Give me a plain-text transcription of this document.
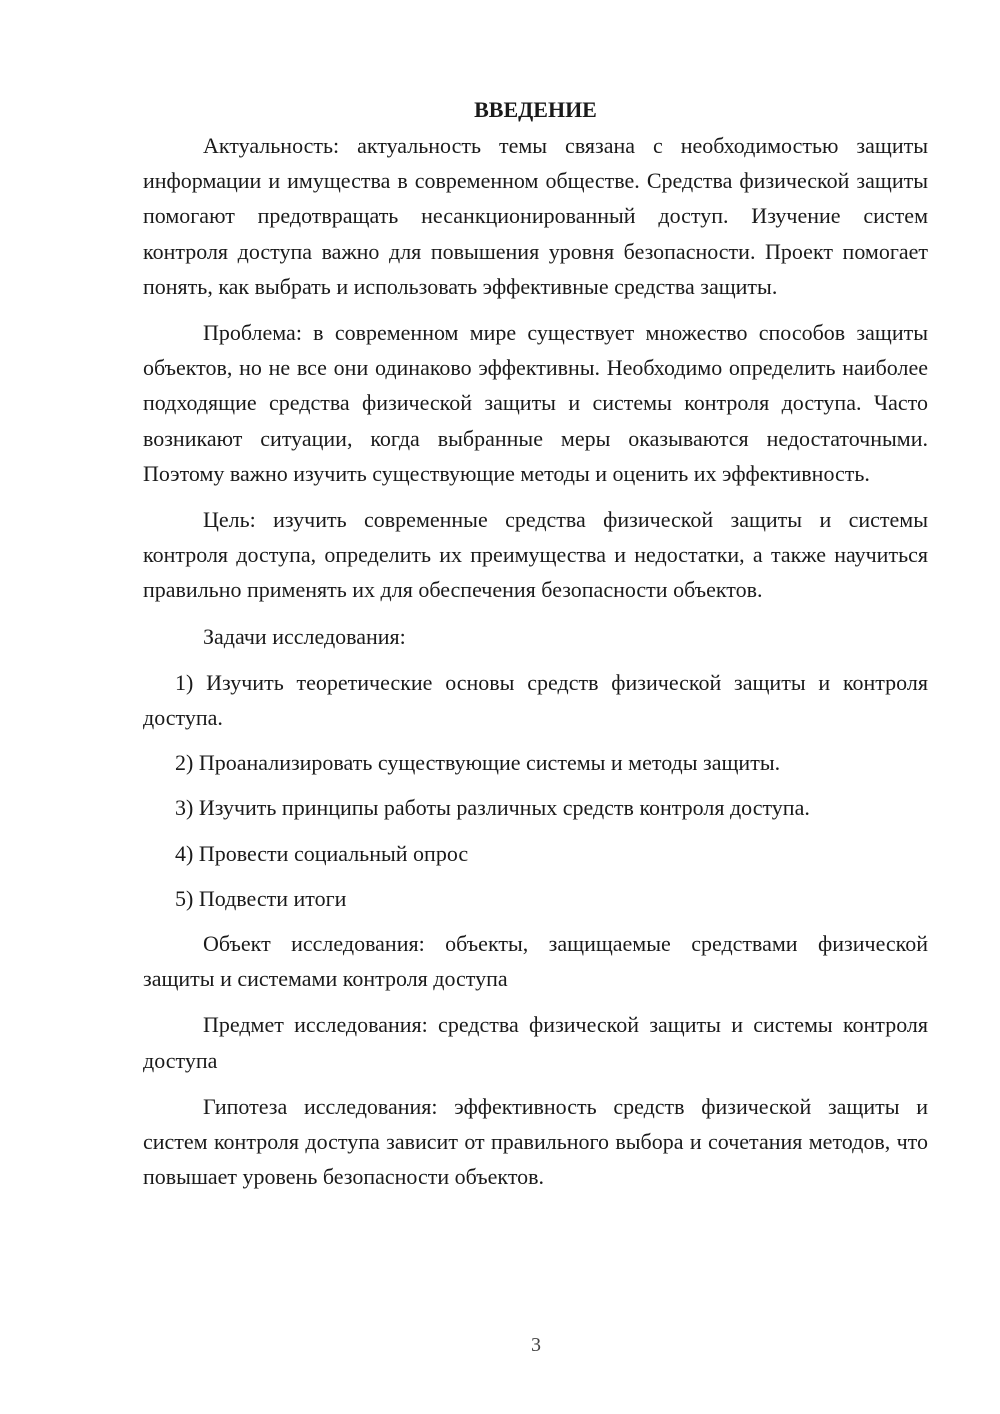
ВВЕДЕНИЕ

Актуальность: актуальность темы связана с необходимостью защиты информации и имущества в современном обществе. Средства физической защиты помогают предотвращать несанкционированный доступ. Изучение систем контроля доступа важно для повышения уровня безопасности. Проект помогает понять, как выбрать и использовать эффективные средства защиты.

Проблема: в современном мире существует множество способов защиты объектов, но не все они одинаково эффективны. Необходимо определить наиболее подходящие средства физической защиты и системы контроля доступа. Часто возникают ситуации, когда выбранные меры оказываются недостаточными. Поэтому важно изучить существующие методы и оценить их эффективность.

Цель: изучить современные средства физической защиты и системы контроля доступа, определить их преимущества и недостатки, а также научиться правильно применять их для обеспечения безопасности объектов.

Задачи исследования:

1) Изучить теоретические основы средств физической защиты и контроля доступа.

2) Проанализировать существующие системы и методы защиты.

3) Изучить принципы работы различных средств контроля доступа.

4) Провести социальный опрос

5) Подвести итоги

Объект исследования: объекты, защищаемые средствами физической защиты и системами контроля доступа

Предмет исследования: средства физической защиты и системы контроля доступа

Гипотеза исследования: эффективность средств физической защиты и систем контроля доступа зависит от правильного выбора и сочетания методов, что повышает уровень безопасности объектов.

3
